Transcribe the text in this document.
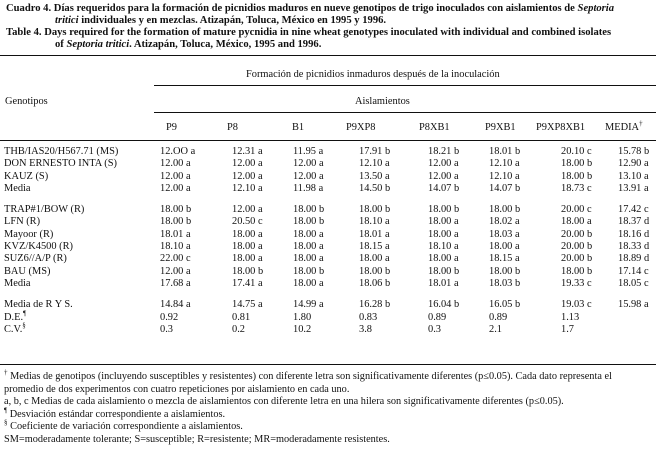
Cuadro 4. Días requeridos para la formación de picnidios maduros en nueve genotipos de trigo inoculados con aislamientos de Septoria

tritici individuales y en mezclas. Atizapán, Toluca, México en 1995 y 1996.

Table 4. Days required for the formation of mature pycnidia in nine wheat genotypes inoculated with individual and combined isolates

of Septoria tritici. Atizapán, Toluca, México, 1995 and 1996.

Formación de picnidios inmaduros después de la inoculación
Genotipos	Aislamientos
P9	P8	B1	P9XP8	P8XB1	P9XB1 P9XP8XB1 MEDIA†
THB/IAS20/H567.71 (MS)	12.OO a	12.31 a	11.95 a	17.91 b	18.21 b	18.01 b	20.10 c	15.78 b
DON ERNESTO INTA (S)	12.00 a	12.00 a	12.00 a	12.10 a	12.00 a	12.10 a	18.00 b	12.90 a
KAUZ (S)	12.00 a	12.00 a	12.00 a	13.50 a	12.00 a	12.10 a	18.00 b	13.10 a
Media	12.00 a	12.10 a	11.98 a	14.50 b	14.07 b	14.07 b	18.73 c	13.91 a

TRAP#1/BOW (R)	18.00 b	12.00 a	18.00 b	18.00 b	18.00 b	18.00 b	20.00 c	17.42 c
LFN (R)	18.00 b	20.50 c	18.00 b	18.10 a	18.00 a	18.02 a	18.00 a	18.37 d
Mayoor (R)	18.01 a	18.00 a	18.00 a	18.01 a	18.00 a	18.03 a	20.00 b	18.16 d
KVZ/K4500 (R)	18.10 a	18.00 a	18.00 a	18.15 a	18.10 a	18.00 a	20.00 b	18.33 d
SUZ6//A/P (R)	22.00 c	18.00 a	18.00 a	18.00 a	18.00 a	18.15 a	20.00 b	18.89 d
BAU (MS)	12.00 a	18.00 b	18.00 b	18.00 b	18.00 b	18.00 b	18.00 b	17.14 c
Media	17.68 a	17.41 a	18.00 a	18.06 b	18.01 a	18.03 b	19.33 c	18.05 c

Media de R Y S.	14.84 a	14.75 a	14.99 a	16.28 b	16.04 b	16.05 b	19.03 c	15.98 a
D.E.¶	0.92	0.81	1.80	0.83	0.89	0.89	1.13	
C.V.§	0.3	0.2	10.2	3.8	0.3	2.1	1.7	

† Medias de genotipos (incluyendo susceptibles y resistentes) con diferente letra son significativamente diferentes (p≤0.05). Cada dato representa el promedio de dos experimentos con cuatro repeticiones por aislamiento en cada uno.

a, b, c Medias de cada aislamiento o mezcla de aislamientos con diferente letra en una hilera son significativamente diferentes (p≤0.05).

¶ Desviación estándar correspondiente a aislamientos.

§ Coeficiente de variación correspondiente a aislamientos.

SM=moderadamente tolerante; S=susceptible; R=resistente; MR=moderadamente resistentes.
